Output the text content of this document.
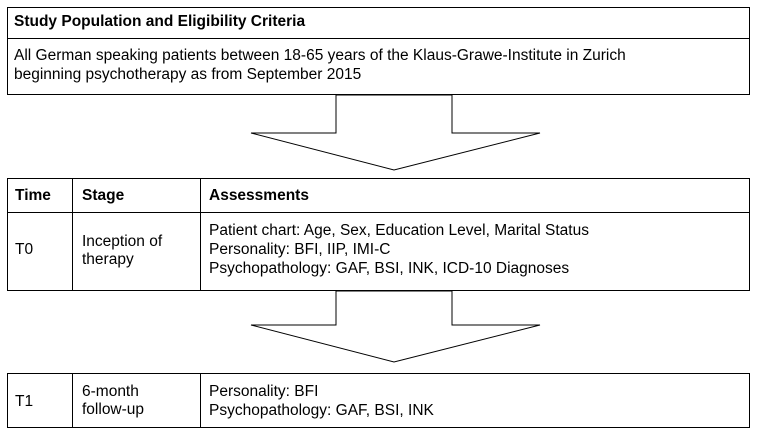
Study Population and Eligibility Criteria
All German speaking patients between 18-65 years of the Klaus-Grawe-Institute in Zurich
beginning psychotherapy as from September 2015
Time Stage	Assessments
T0	Inception of
therapy
Patient chart: Age, Sex, Education Level, Marital Status
Personality: BFI, IIP, IMI-C
Psychopathology: GAF, BSI, INK, ICD-10 Diagnoses
T1
6-month
follow-up
Personality: BFI
Psychopathology: GAF, BSI, INK
